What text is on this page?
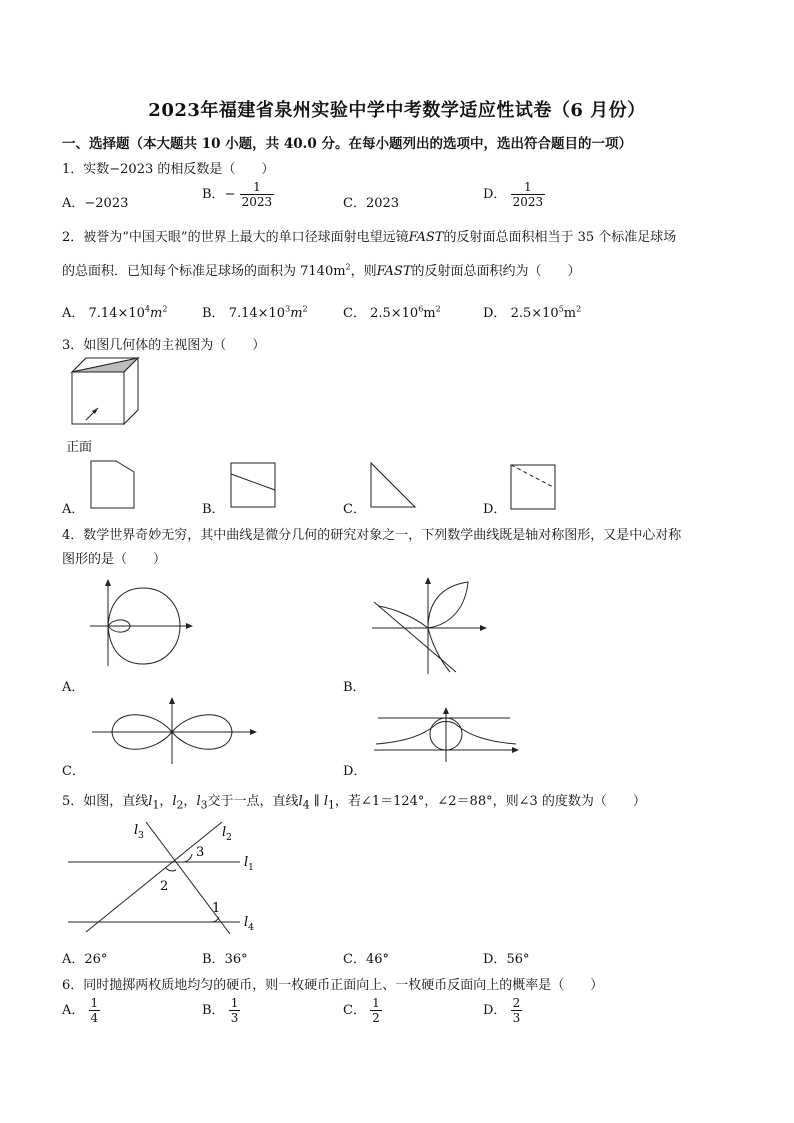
2023年福建省泉州实验中学中考数学适应性试卷（6 月份）
一、选择题（本大题共 10 小题，共 40.0 分。在每小题列出的选项中，选出符合题目的一项）
1．实数−2023 的相反数是（　　）
A．−2023
B．− $\frac{1}{2023}$	C．2023
D． $\frac{1}{2023}$
2．被誉为“中国天眼”的世界上最大的单口径球面射电望远镜FAST的反射面总面积相当于 35 个标准足球场
的总面积．已知每个标准足球场的面积为 $7140m^2$，则FAST的反射面总面积约为（　　）
A． $7.14\times 10^4m^2$	B． $7.14\times 10^3m^2$	C． $2.5\times 10^6m^2$	D． $2.5\times 10^5m^2$
3．如图几何体的主视图为（　　）
正面
A．	B．	C．	D．
4．数学世界奇妙无穷，其中曲线是微分几何的研究对象之一，下列数学曲线既是轴对称图形，又是中心对称
图形的是（　　）
A．	B．
C．	D．
5．如图，直线$l_1$，$l_2$，$l_3$交于一点，直线$l_4$ ∥ $l_1$，若∠1＝124°，∠2＝88°，则∠3 的度数为（　　）
$l_3$	$l_2$
$l_1$
$l_4$
3
2
1
A．26°	B．36°	C．46°	D．56°
6．同时抛掷两枚质地均匀的硬币，则一枚硬币正面向上、一枚硬币反面向上的概率是（　　）
A． $\frac{1}{4}$	B． $\frac{1}{3}$	C． $\frac{1}{2}$	D． $\frac{2}{3}$
